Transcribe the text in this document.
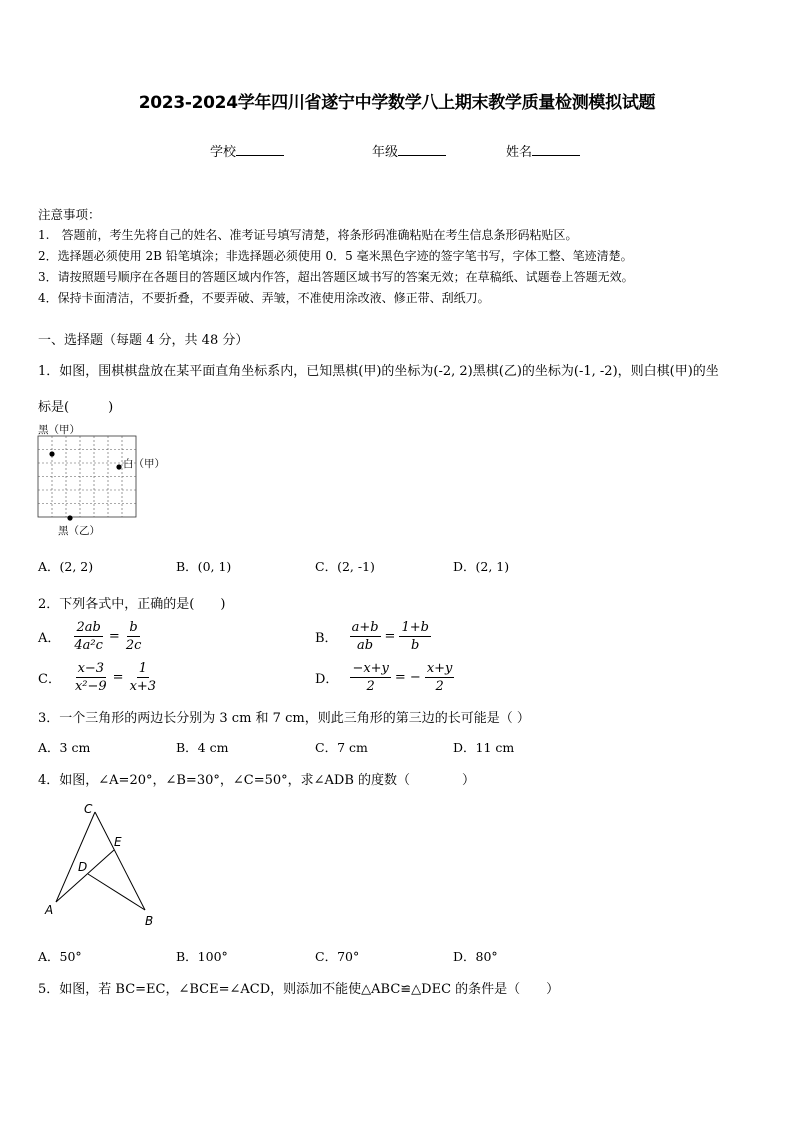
2023-2024学年四川省遂宁中学数学八上期末教学质量检测模拟试题
学校	年级	姓名
注意事项：
1.　答题前，考生先将自己的姓名、准考证号填写清楚，将条形码准确粘贴在考生信息条形码粘贴区。
2．选择题必须使用 2B 铅笔填涂；非选择题必须使用 0．5 毫米黑色字迹的签字笔书写，字体工整、笔迹清楚。
3．请按照题号顺序在各题目的答题区域内作答，超出答题区域书写的答案无效；在草稿纸、试题卷上答题无效。
4．保持卡面清洁，不要折叠，不要弄破、弄皱，不准使用涂改液、修正带、刮纸刀。
一、选择题（每题 4 分，共 48 分）
1．如图，围棋棋盘放在某平面直角坐标系内，已知黑棋(甲)的坐标为(-2, 2)黑棋(乙)的坐标为(-1, -2)，则白棋(甲)的坐
标是(　　　)
黑（甲）
白（甲）
黑（乙）
A．(2, 2)	B．(0, 1)	C．(2, -1)	D．(2, 1)
2．下列各式中，正确的是(　　)
A． $\frac{2ab}{\text{4a²c}} = \frac{b}{2c}$	B． $\frac{a+b}{ab} = \frac{1+b}{b}$
C． $\frac{x-3}{\text{x²−9}} = \frac{1}{x+3}$	D． $\frac{-x+y}{2}$ = − $\frac{x+y}{2}$
3．一个三角形的两边长分别为 3 cm 和 7 cm，则此三角形的第三边的长可能是（ ）
A．3 cm	B．4 cm	C．7 cm	D．11 cm
4．如图，∠A=20°，∠B=30°，∠C=50°，求∠ADB 的度数（　　　　）
C
E
D
A
B
A．50°	B．100°	C．70°	D．80°
5．如图，若 BC=EC，∠BCE=∠ACD，则添加不能使△ABC≌△DEC 的条件是（　　）
